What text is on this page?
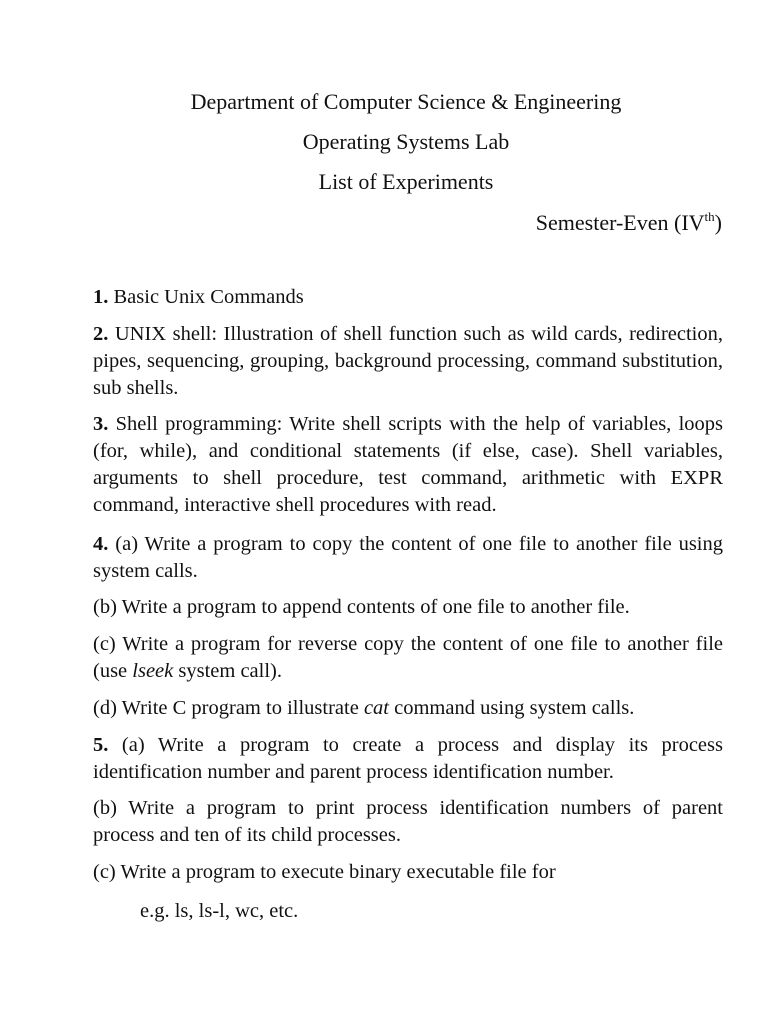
Department of Computer Science & Engineering
Operating Systems Lab
List of Experiments
Semester-Even (IVth)

1. Basic Unix Commands

2. UNIX shell: Illustration of shell function such as wild cards, redirection, pipes, sequencing, grouping, background processing, command substitution, sub shells.

3. Shell programming: Write shell scripts with the help of variables, loops (for, while), and conditional statements (if else, case). Shell variables, arguments to shell procedure, test command, arithmetic with EXPR command, interactive shell procedures with read.

4. (a) Write a program to copy the content of one file to another file using system calls.

(b) Write a program to append contents of one file to another file.

(c) Write a program for reverse copy the content of one file to another file (use lseek system call).

(d) Write C program to illustrate cat command using system calls.

5. (a) Write a program to create a process and display its process identification number and parent process identification number.

(b) Write a program to print process identification numbers of parent process and ten of its child processes.

(c) Write a program to execute binary executable file for

e.g. ls, ls-l, wc, etc.
